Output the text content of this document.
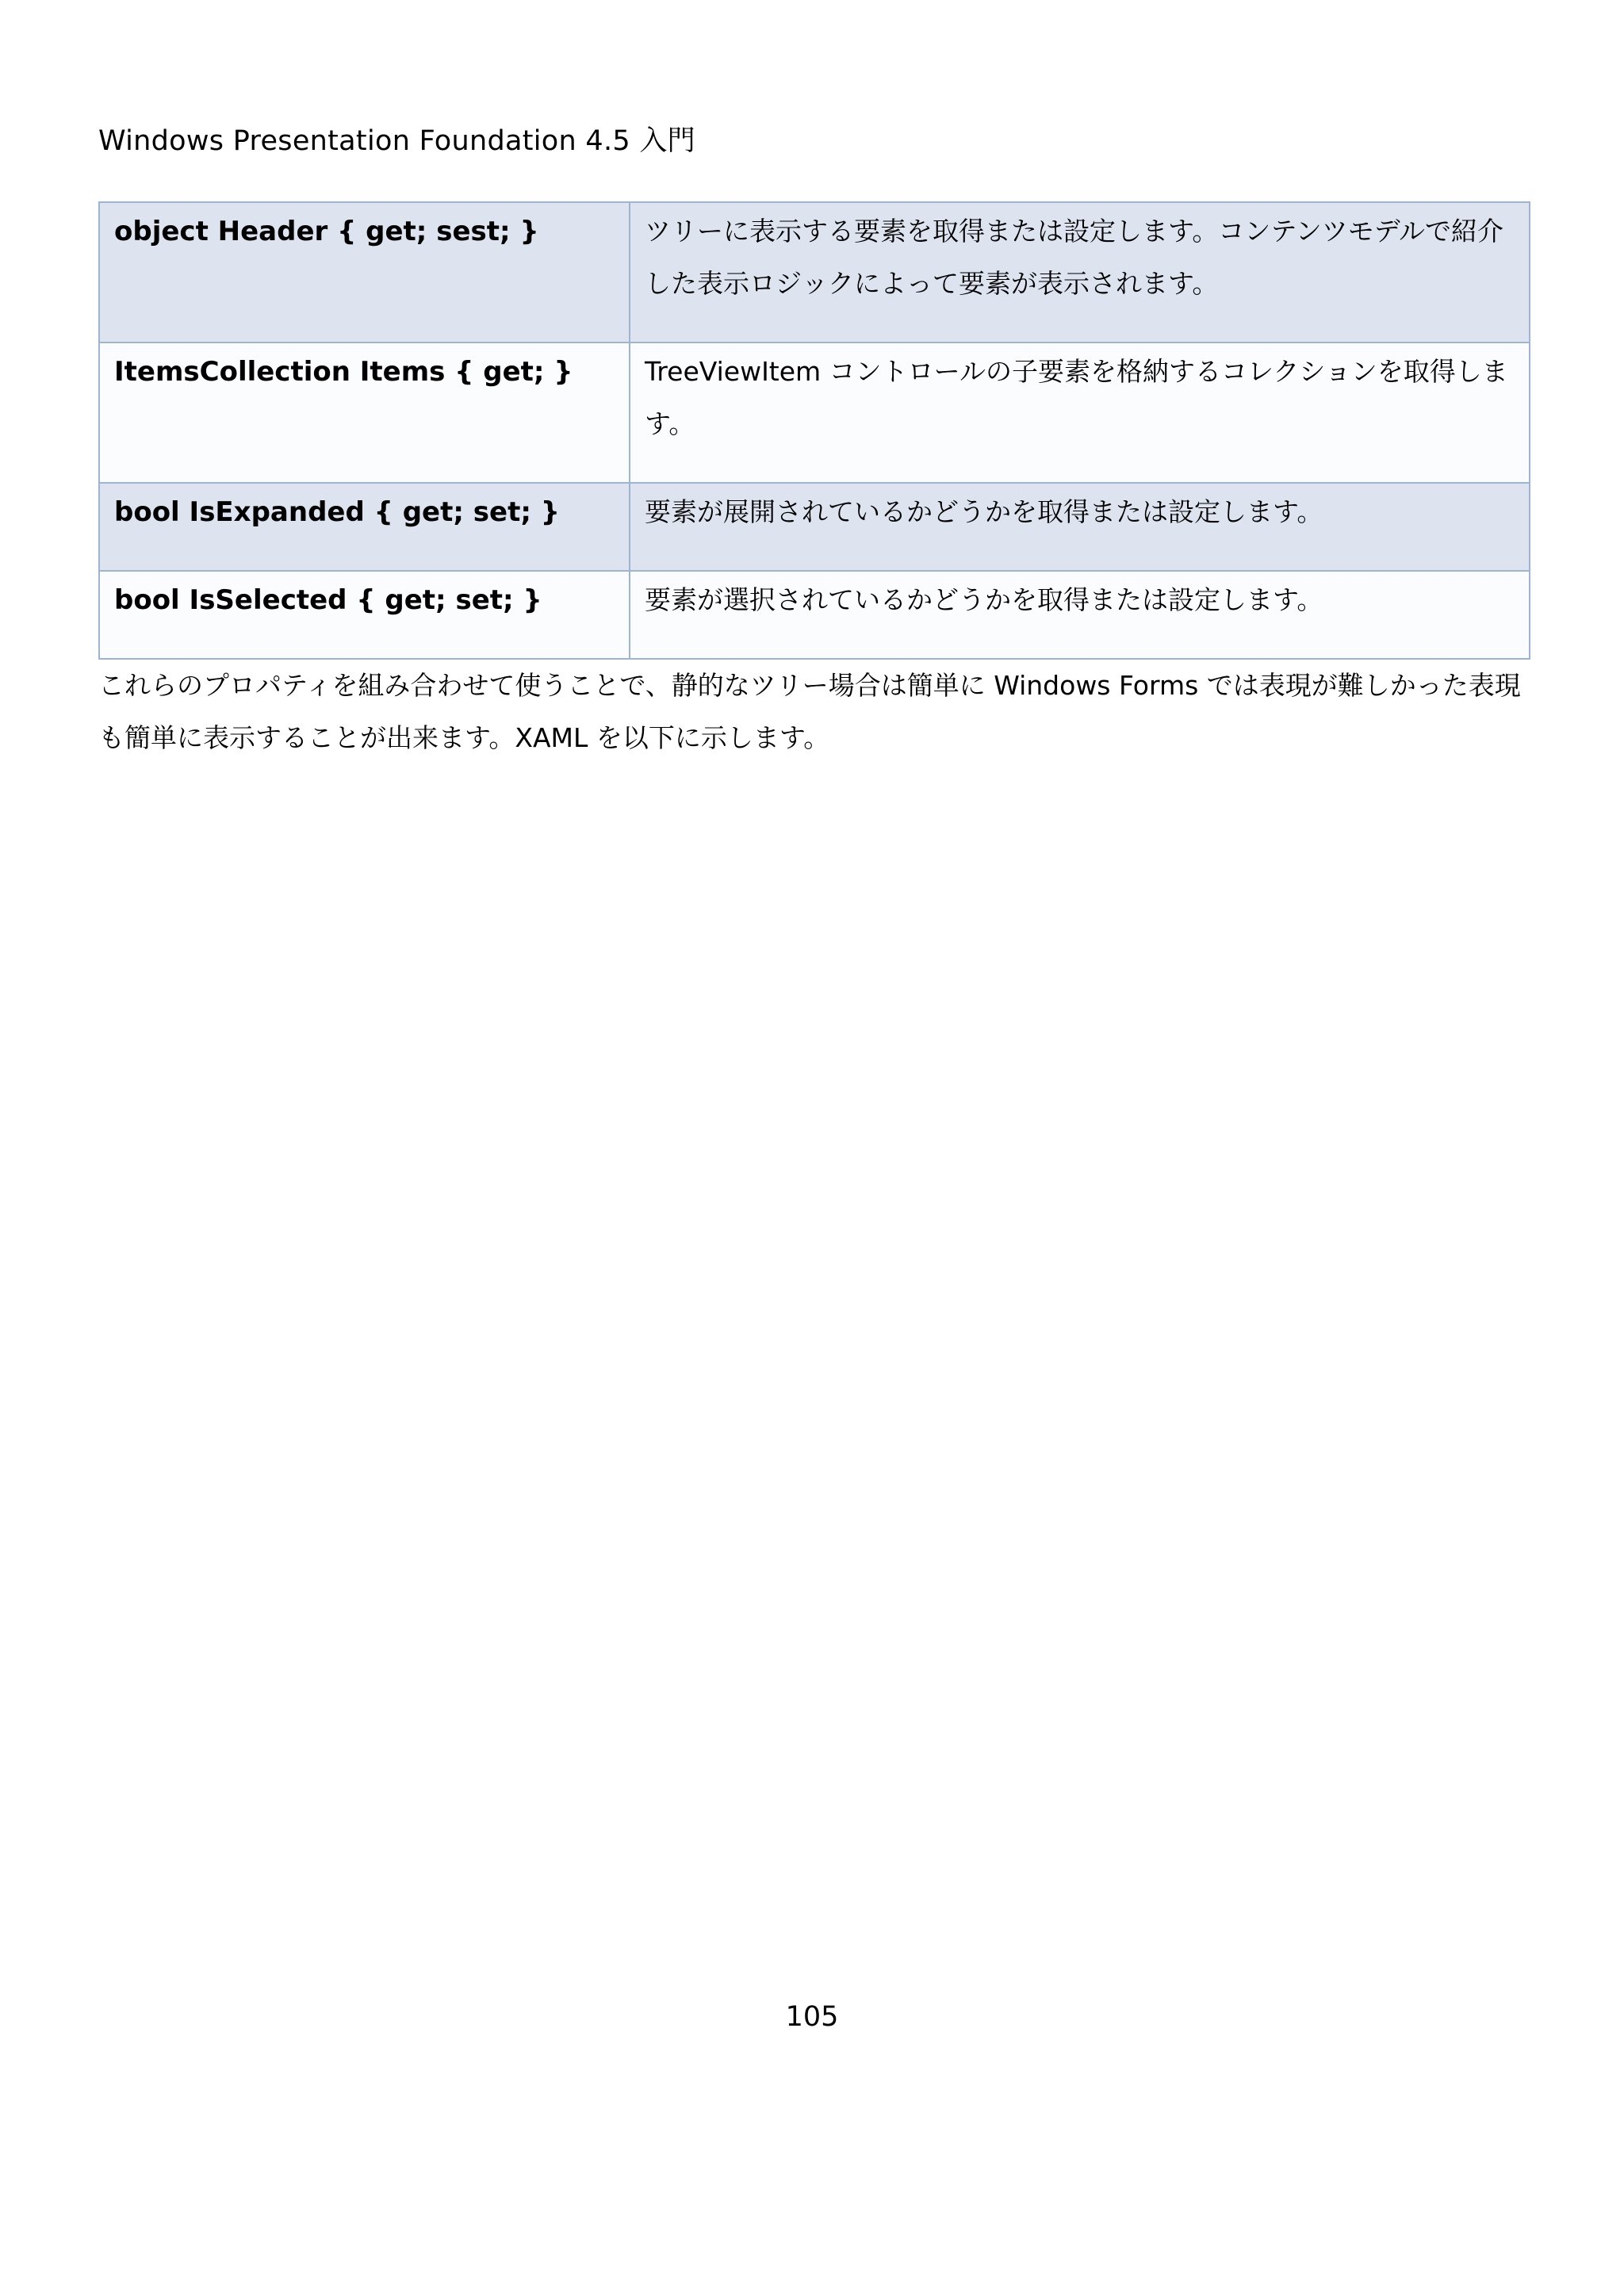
Windows Presentation Foundation 4.5 入門
object Header { get; sest; }	ツリーに表示する要素を取得または設定します。コンテンツモデルで紹介した表示ロジックによって要素が表示されます。

ItemsCollection Items { get; }	TreeViewItem コントロールの子要素を格納するコレクションを取得します。

bool IsExpanded { get; set; }	要素が展開されているかどうかを取得または設定します。

bool IsSelected { get; set; }	要素が選択されているかどうかを取得または設定します。
これらのプロパティを組み合わせて使うことで、静的なツリー場合は簡単に Windows Forms では表現が難しかった表現も簡単に表示することが出来ます。XAML を以下に示します。
105
